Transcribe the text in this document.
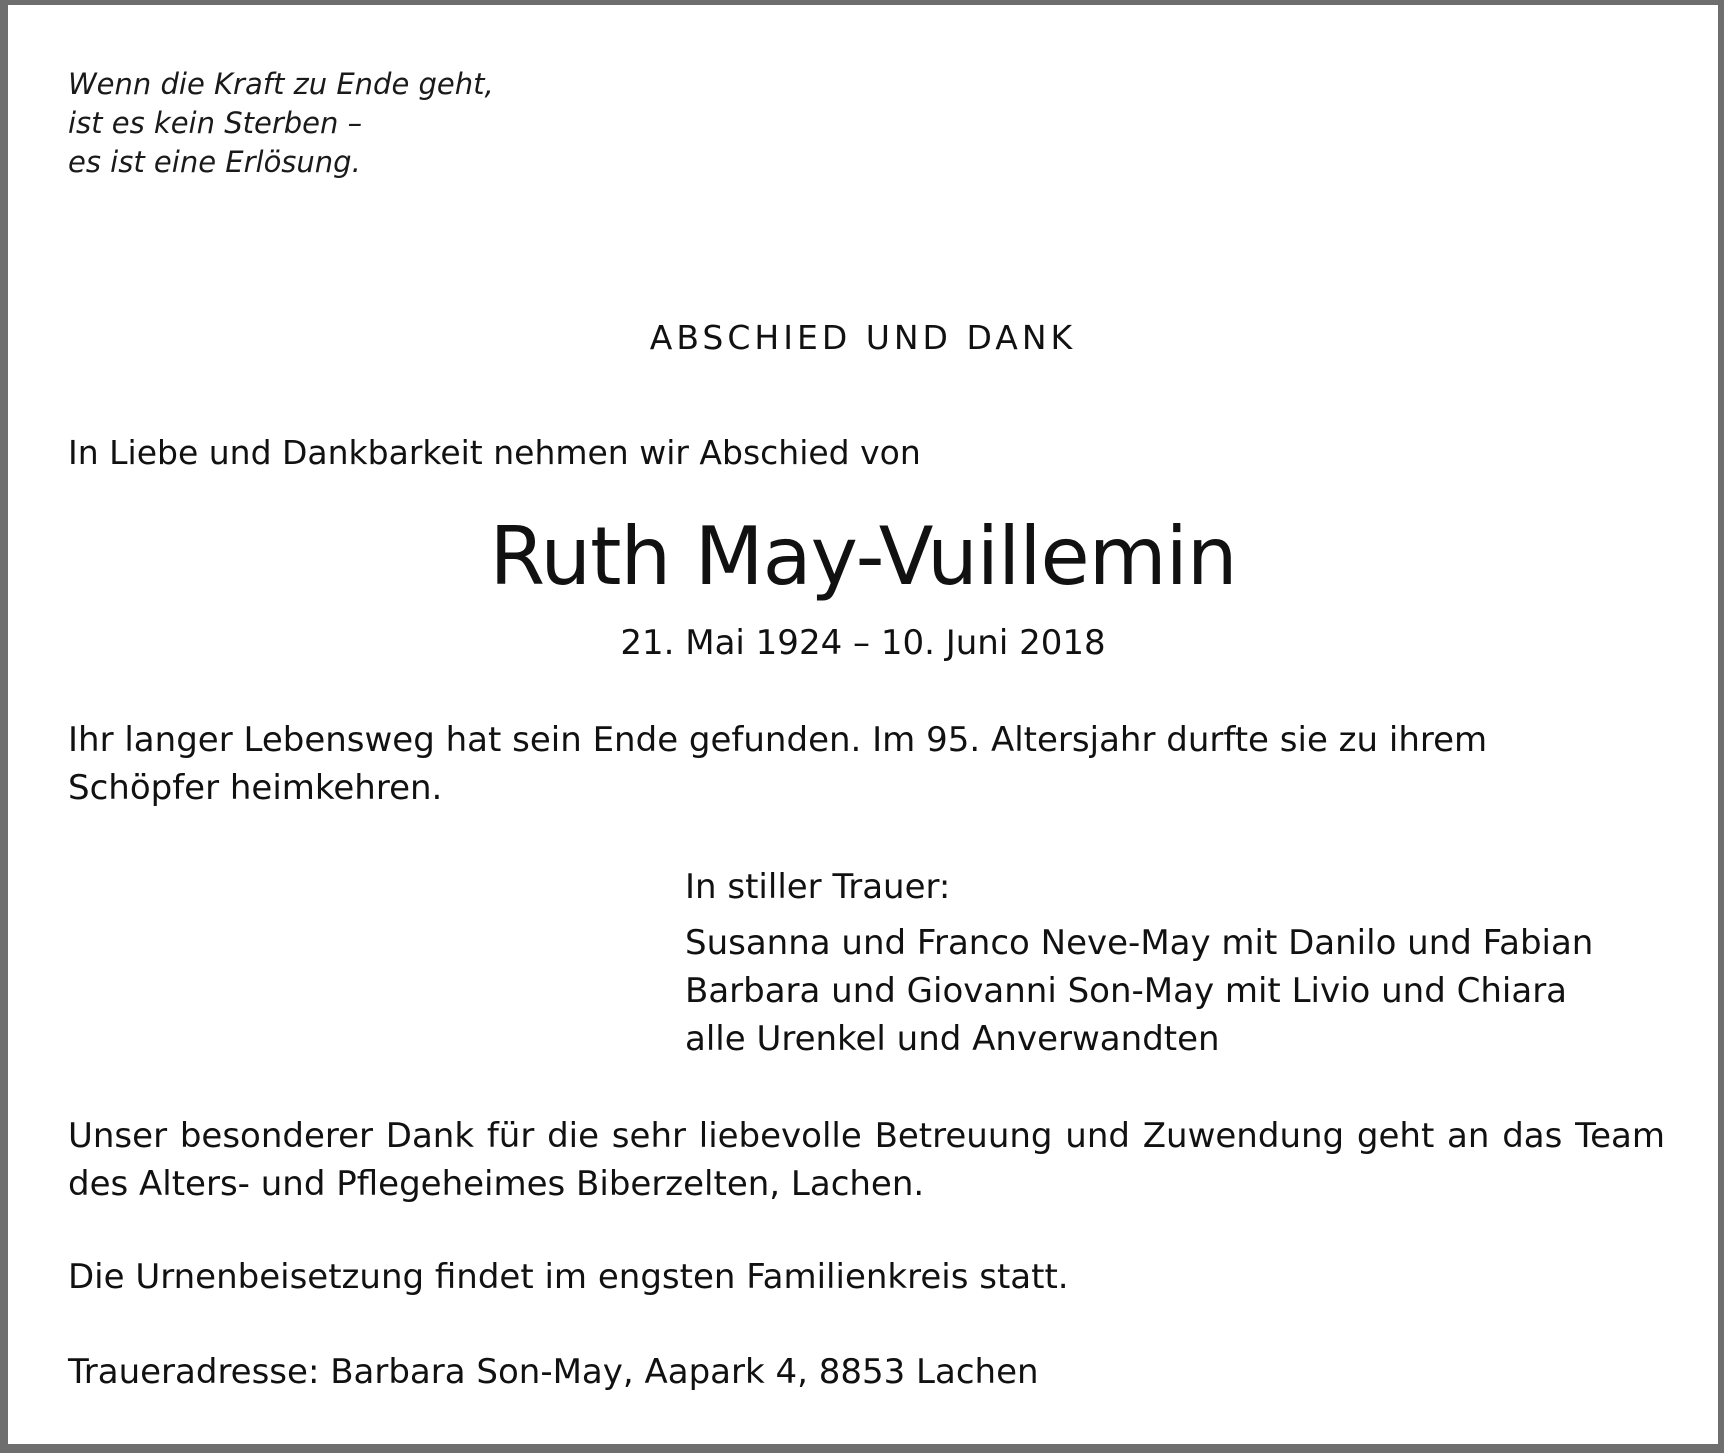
Wenn die Kraft zu Ende geht,

ist es kein Sterben –

es ist eine Erlösung.

ABSCHIED UND DANK

In Liebe und Dankbarkeit nehmen wir Abschied von

Ruth May-Vuillemin

21. Mai 1924 – 10. Juni 2018

Ihr langer Lebensweg hat sein Ende gefunden. Im 95. Altersjahr durfte sie zu ihrem

Schöpfer heimkehren.

In stiller Trauer:

Susanna und Franco Neve-May mit Danilo und Fabian

Barbara und Giovanni Son-May mit Livio und Chiara

alle Urenkel und Anverwandten

Unser besonderer Dank für die sehr liebevolle Betreuung und Zuwendung geht an das Team des Alters- und Pflegeheimes Biberzelten, Lachen.

Die Urnenbeisetzung findet im engsten Familienkreis statt.

Traueradresse: Barbara Son-May, Aapark 4, 8853 Lachen
